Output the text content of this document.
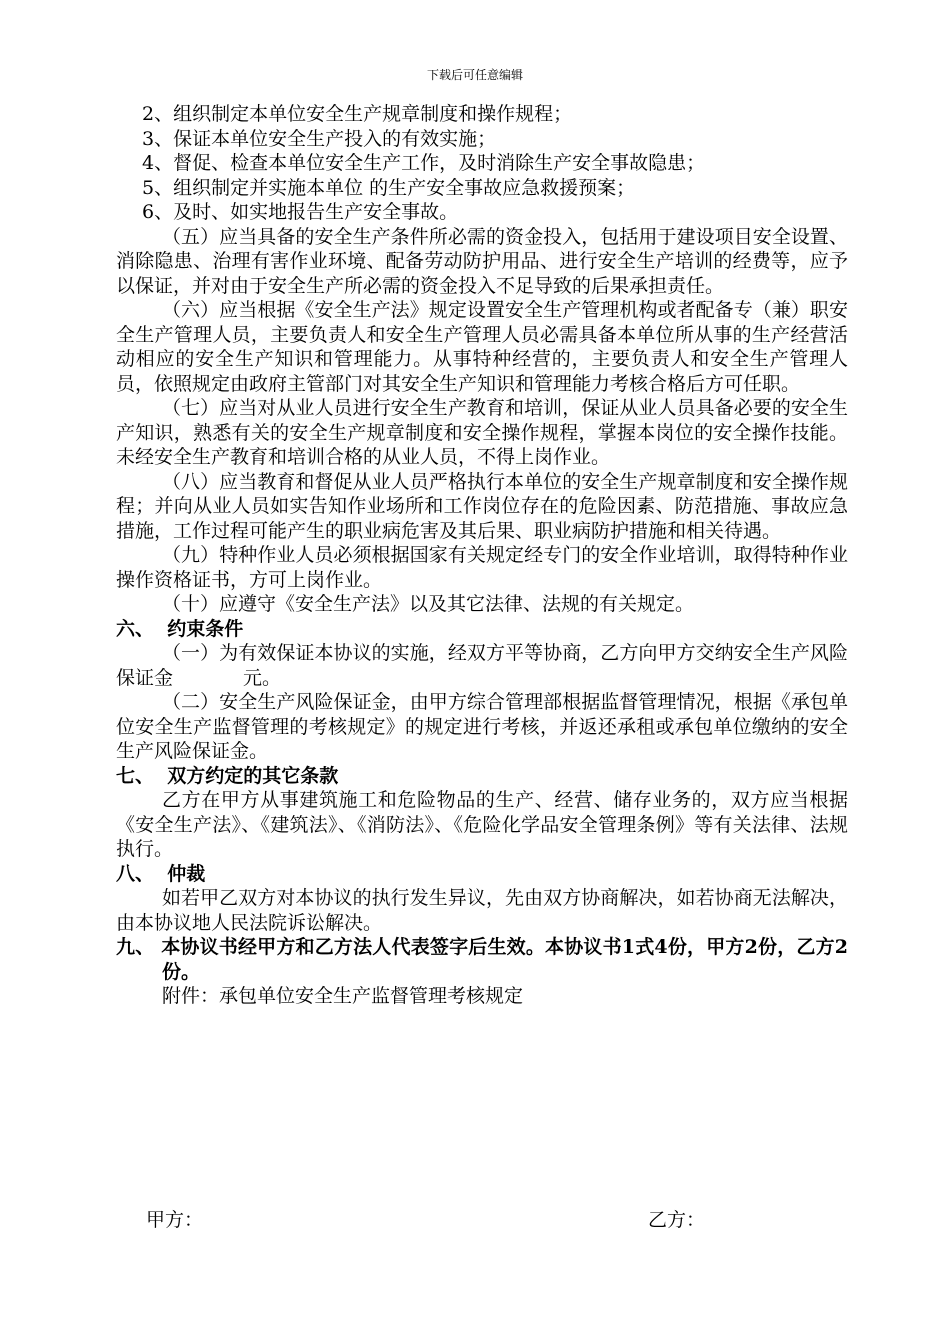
下载后可任意编辑

2、组织制定本单位安全生产规章制度和操作规程；

3、保证本单位安全生产投入的有效实施；

4、督促、检查本单位安全生产工作，及时消除生产安全事故隐患；

5、组织制定并实施本单位 的生产安全事故应急救援预案；

6、及时、如实地报告生产安全事故。

（五）应当具备的安全生产条件所必需的资金投入，包括用于建设项目安全设置、消除隐患、治理有害作业环境、配备劳动防护用品、进行安全生产培训的经费等，应予以保证，并对由于安全生产所必需的资金投入不足导致的后果承担责任。

（六）应当根据《安全生产法》规定设置安全生产管理机构或者配备专（兼）职安全生产管理人员，主要负责人和安全生产管理人员必需具备本单位所从事的生产经营活动相应的安全生产知识和管理能力。从事特种经营的，主要负责人和安全生产管理人员，依照规定由政府主管部门对其安全生产知识和管理能力考核合格后方可任职。

（七）应当对从业人员进行安全生产教育和培训，保证从业人员具备必要的安全生产知识，熟悉有关的安全生产规章制度和安全操作规程，掌握本岗位的安全操作技能。未经安全生产教育和培训合格的从业人员，不得上岗作业。

（八）应当教育和督促从业人员严格执行本单位的安全生产规章制度和安全操作规程；并向从业人员如实告知作业场所和工作岗位存在的危险因素、防范措施、事故应急措施，工作过程可能产生的职业病危害及其后果、职业病防护措施和相关待遇。

（九）特种作业人员必须根据国家有关规定经专门的安全作业培训，取得特种作业操作资格证书，方可上岗作业。

（十）应遵守《安全生产法》以及其它法律、法规的有关规定。

六、  约束条件

（一）为有效保证本协议的实施，经双方平等协商，乙方向甲方交纳安全生产风险保证金	元。

（二）安全生产风险保证金，由甲方综合管理部根据监督管理情况，根据《承包单位安全生产监督管理的考核规定》的规定进行考核，并返还承租或承包单位缴纳的安全生产风险保证金。

七、  双方约定的其它条款

乙方在甲方从事建筑施工和危险物品的生产、经营、储存业务的，双方应当根据《安全生产法》、《建筑法》、《消防法》、《危险化学品安全管理条例》等有关法律、法规执行。

八、  仲裁

如若甲乙双方对本协议的执行发生异议，先由双方协商解决，如若协商无法解决，由本协议地人民法院诉讼解决。

九、 本协议书经甲方和乙方法人代表签字后生效。本协议书1式4份，甲方2份，乙方2份。

附件：承包单位安全生产监督管理考核规定

甲方：	乙方：
